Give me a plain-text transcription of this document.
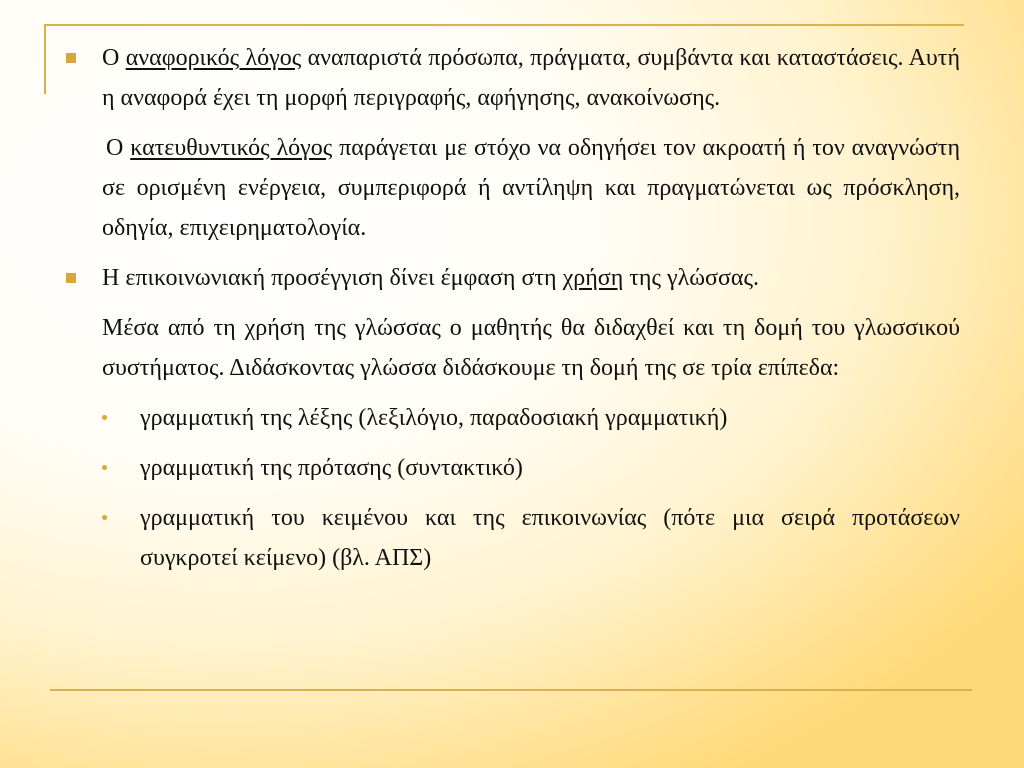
Ο αναφορικός λόγος αναπαριστά πρόσωπα, πράγματα, συμβάντα και καταστάσεις. Αυτή η αναφορά έχει τη μορφή περιγραφής, αφήγησης, ανακοίνωσης.
Ο κατευθυντικός λόγος παράγεται με στόχο να οδηγήσει τον ακροατή ή τον αναγνώστη σε ορισμένη ενέργεια, συμπεριφορά ή αντίληψη και πραγματώνεται ως πρόσκληση, οδηγία, επιχειρηματολογία.
Η επικοινωνιακή προσέγγιση δίνει έμφαση στη χρήση της γλώσσας.
Μέσα από τη χρήση της γλώσσας ο μαθητής θα διδαχθεί και τη δομή του γλωσσικού συστήματος. Διδάσκοντας γλώσσα διδάσκουμε τη δομή της σε τρία επίπεδα:
γραμματική της λέξης (λεξιλόγιο, παραδοσιακή γραμματική)
γραμματική της πρότασης (συντακτικό)
γραμματική του κειμένου και της επικοινωνίας (πότε μια σειρά προτάσεων συγκροτεί κείμενο) (βλ. ΑΠΣ)
